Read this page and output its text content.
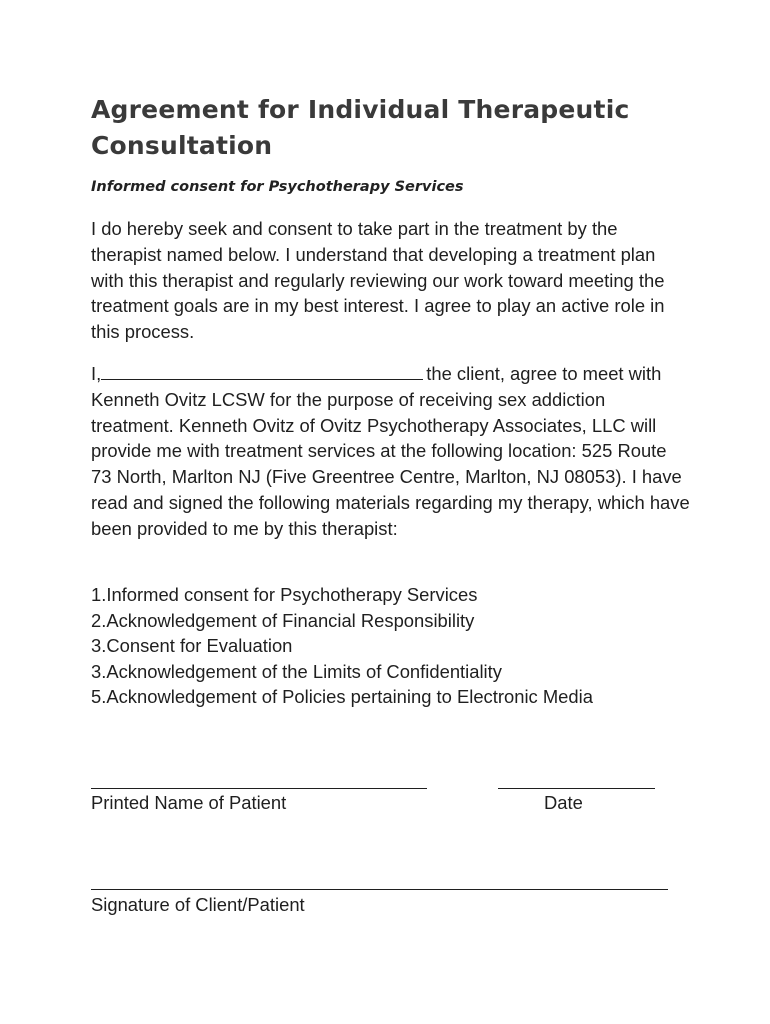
Agreement for Individual Therapeutic Consultation

Informed consent for Psychotherapy Services

I do hereby seek and consent to take part in the treatment by the therapist named below. I understand that developing a treatment plan with this therapist and regularly reviewing our work toward meeting the treatment goals are in my best interest. I agree to play an active role in this process.

I,	the client, agree to meet with Kenneth Ovitz LCSW for the purpose of receiving sex addiction treatment. Kenneth Ovitz of Ovitz Psychotherapy Associates, LLC will provide me with treatment services at the following location: 525 Route 73 North, Marlton NJ (Five Greentree Centre, Marlton, NJ 08053). I have read and signed the following materials regarding my therapy, which have been provided to me by this therapist:

1.Informed consent for Psychotherapy Services
2.Acknowledgement of Financial Responsibility
3.Consent for Evaluation
3.Acknowledgement of the Limits of Confidentiality
5.Acknowledgement of Policies pertaining to Electronic Media

Printed Name of Patient	Date

Signature of Client/Patient
